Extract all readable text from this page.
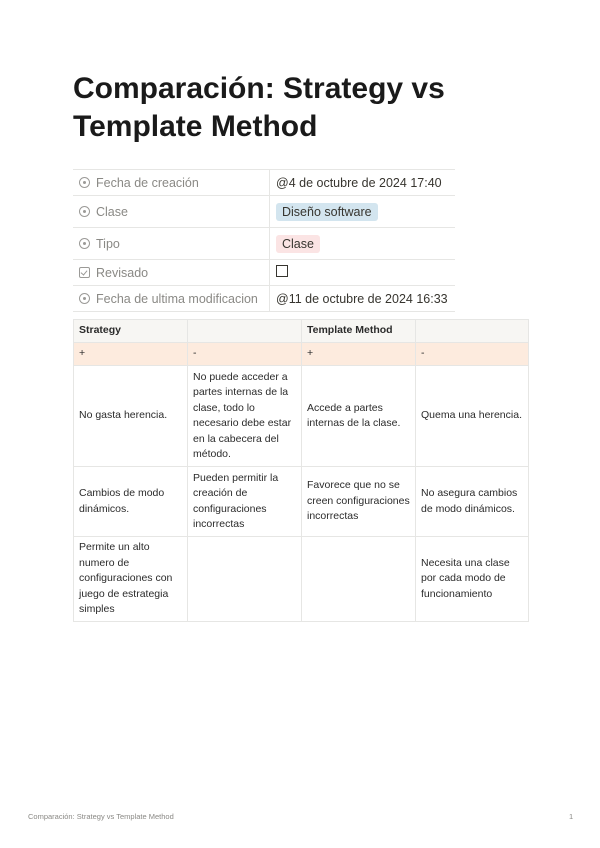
Comparación: Strategy vs Template Method
Fecha de creación	@4 de octubre de 2024 17:40
Clase	Diseño software
Tipo	Clase
Revisado	
Fecha de ultima modificacion	@11 de octubre de 2024 16:33
Strategy		Template Method	
+	-	+	-
No gasta herencia.	No puede acceder a partes internas de la clase, todo lo necesario debe estar en la cabecera del método.	Accede a partes internas de la clase.	Quema una herencia.
Cambios de modo dinámicos.	Pueden permitir la creación de configuraciones incorrectas	Favorece que no se creen configuraciones incorrectas	No asegura cambios de modo dinámicos.
Permite un alto numero de configuraciones con juego de estrategia simples			Necesita una clase por cada modo de funcionamiento
Comparación: Strategy vs Template Method	1
